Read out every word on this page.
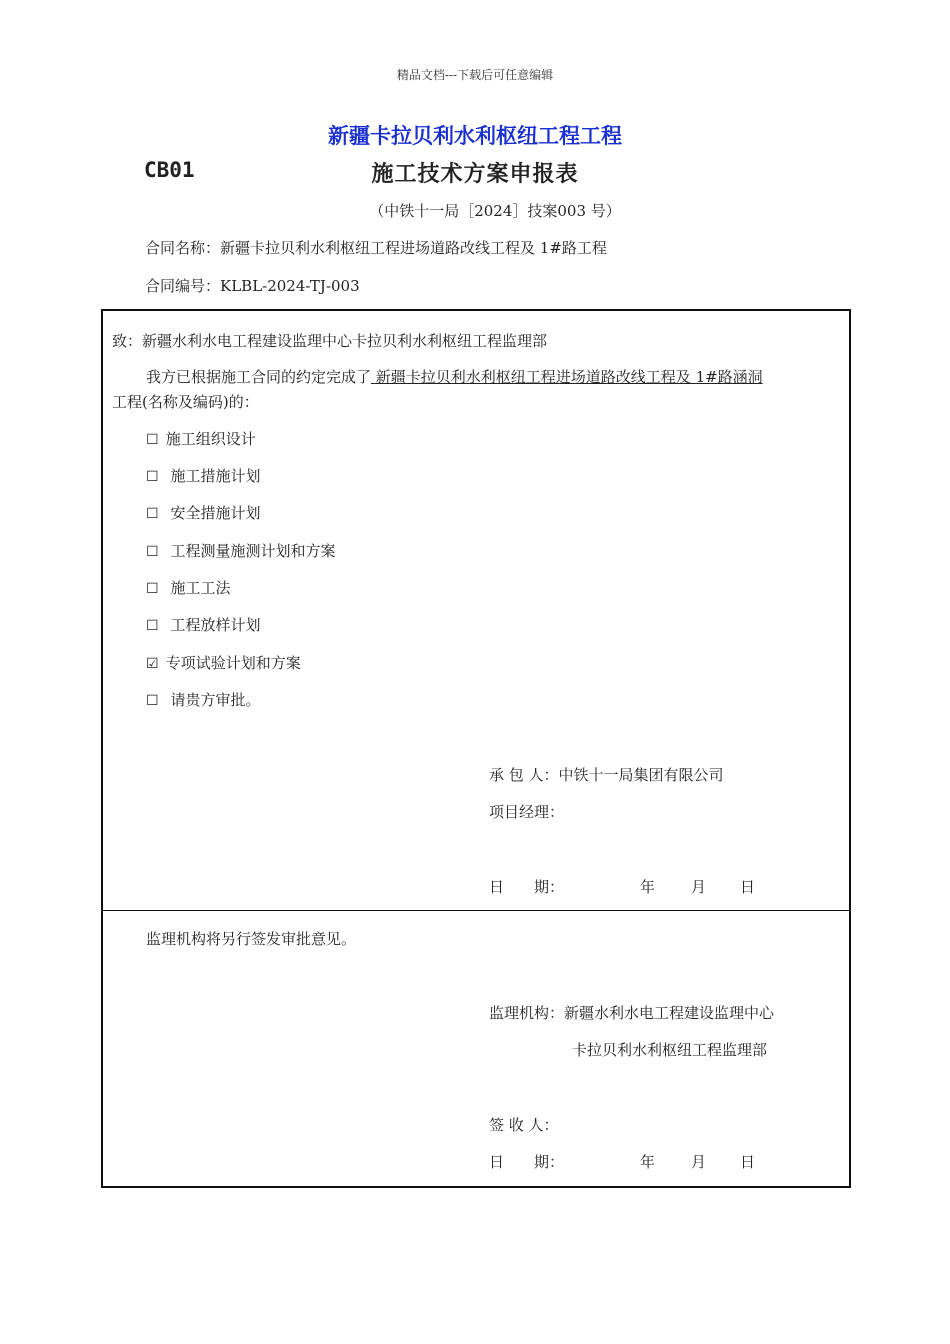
精品文档---下载后可任意编辑
新疆卡拉贝利水利枢纽工程工程
施工技术方案申报表
CB01
（中铁十一局［2024］技案003 号）
合同名称：新疆卡拉贝利水利枢纽工程进场道路改线工程及 1#路工程
合同编号：KLBL-2024-TJ-003
致：新疆水利水电工程建设监理中心卡拉贝利水利枢纽工程监理部
我方已根据施工合同的约定完成了 新疆卡拉贝利水利枢纽工程进场道路改线工程及 1#路涵洞
工程(名称及编码)的：
☐ 施工组织设计
☐ 施工措施计划
☐ 安全措施计划
☐ 工程测量施测计划和方案
☐ 施工工法
☐ 工程放样计划
☑ 专项试验计划和方案
☐ 请贵方审批。
承 包 人：中铁十一局集团有限公司
项目经理：
日　　期：	年 月 日
监理机构将另行签发审批意见。
监理机构：新疆水利水电工程建设监理中心
卡拉贝利水利枢纽工程监理部
签 收 人：
日　　期：	年 月 日
